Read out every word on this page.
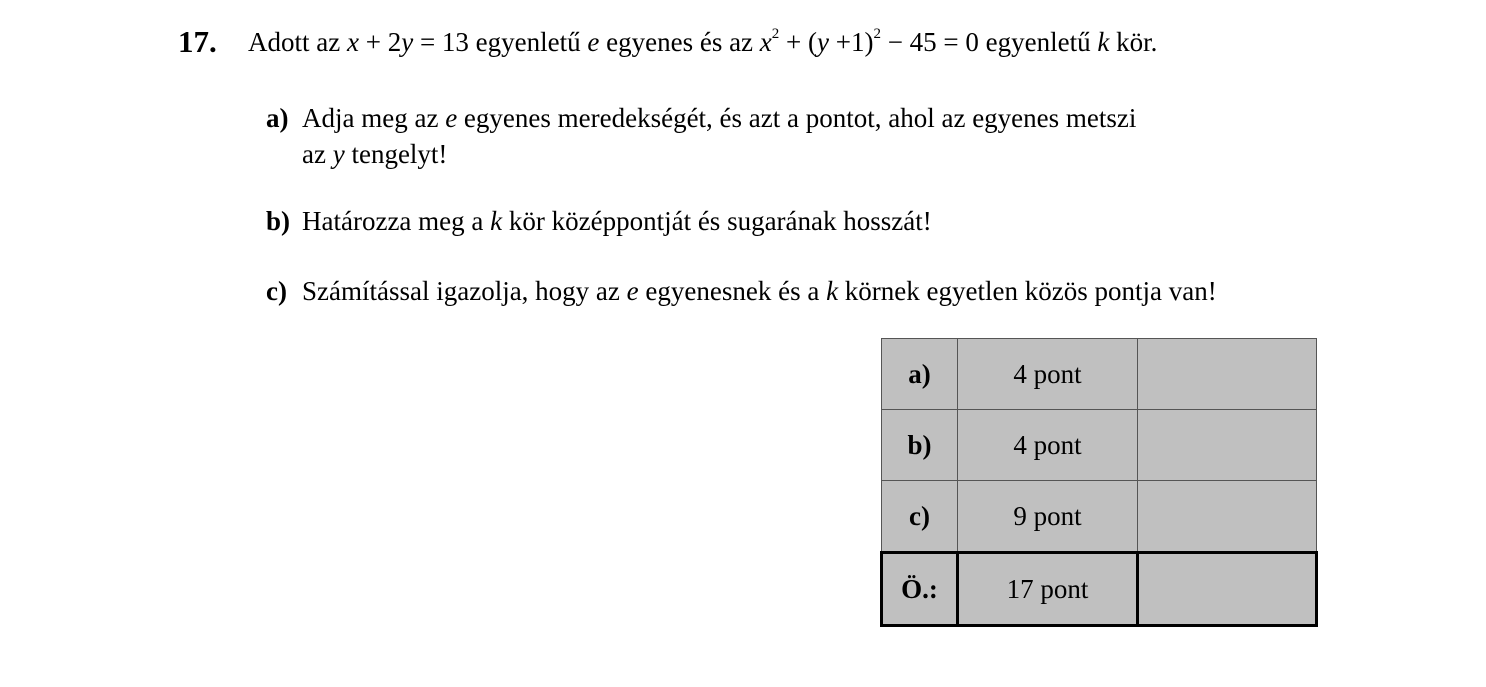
17. Adott az x + 2y = 13 egyenletű e egyenes és az $x^2 + (y +1)^2 - 45 = 0$ egyenletű k kör.
a) Adja meg az e egyenes meredekségét, és azt a pontot, ahol az egyenes metszi
az y tengelyt!
b) Határozza meg a k kör középpontját és sugarának hosszát!
c) Számítással igazolja, hogy az e egyenesnek és a k körnek egyetlen közös pontja van!
a)	4 pont	
b)	4 pont	
c)	9 pont	
Ö.:	17 pont	
